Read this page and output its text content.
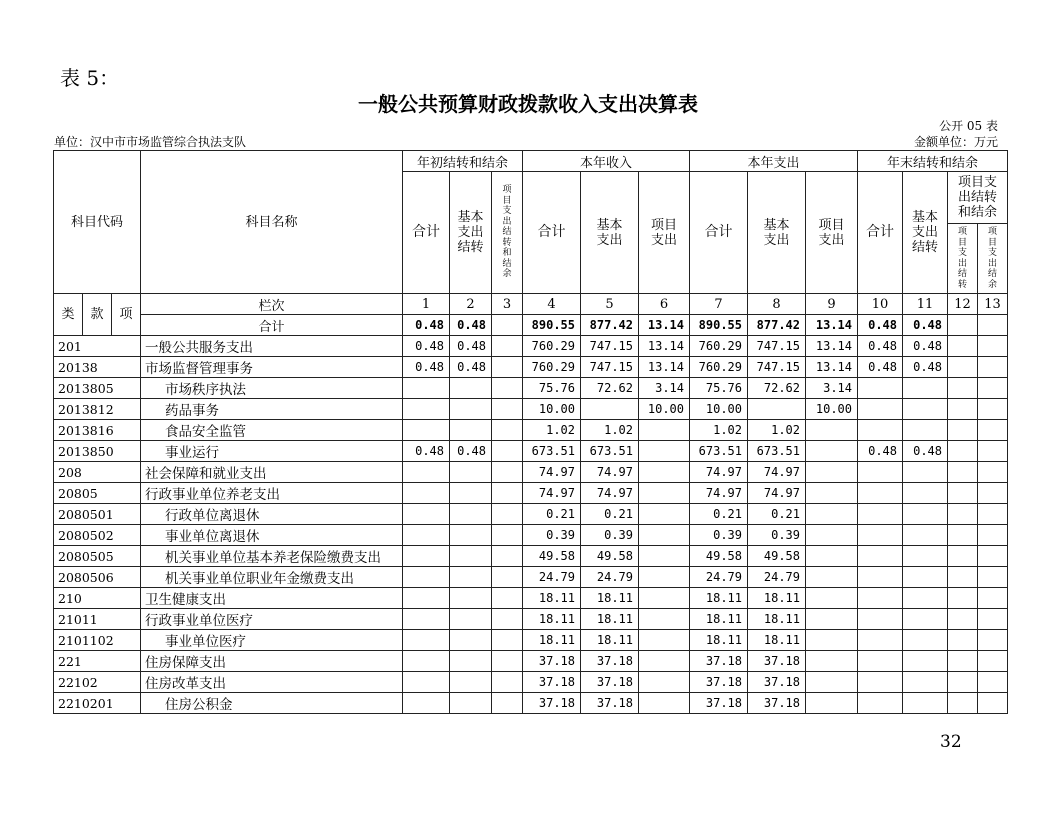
表 5：
一般公共预算财政拨款收入支出决算表
公开 05 表
单位：汉中市市场监管综合执法支队	金额单位：万元
科目代码			科目名称	年初结转和结余			本年收入			本年支出			年末结转和结余			
				合计	基本支出结转	项目支出结转和结余	合计	基本支出	项目支出	合计	基本支出	项目支出	合计	基本支出结转	项目支出结转和结余	
															项目支出结转	项目支出结余
类	款	项	栏次	1	2	3	4	5	6	7	8	9	10	11	12	13
			合计	0.48	0.48		890.55	877.42	13.14	890.55	877.42	13.14	0.48	0.48		
201			一般公共服务支出	0.48	0.48		760.29	747.15	13.14	760.29	747.15	13.14	0.48	0.48		
20138			市场监督管理事务	0.48	0.48		760.29	747.15	13.14	760.29	747.15	13.14	0.48	0.48		
2013805			市场秩序执法				75.76	72.62	3.14	75.76	72.62	3.14				
2013812			药品事务				10.00		10.00	10.00		10.00				
2013816			食品安全监管				1.02	1.02		1.02	1.02					
2013850			事业运行	0.48	0.48		673.51	673.51		673.51	673.51		0.48	0.48		
208			社会保障和就业支出				74.97	74.97		74.97	74.97					
20805			行政事业单位养老支出				74.97	74.97		74.97	74.97					
2080501			行政单位离退休				0.21	0.21		0.21	0.21					
2080502			事业单位离退休				0.39	0.39		0.39	0.39					
2080505			机关事业单位基本养老保险缴费支出				49.58	49.58		49.58	49.58					
2080506			机关事业单位职业年金缴费支出				24.79	24.79		24.79	24.79					
210			卫生健康支出				18.11	18.11		18.11	18.11					
21011			行政事业单位医疗				18.11	18.11		18.11	18.11					
2101102			事业单位医疗				18.11	18.11		18.11	18.11					
221			住房保障支出				37.18	37.18		37.18	37.18					
22102			住房改革支出				37.18	37.18		37.18	37.18					
2210201			住房公积金				37.18	37.18		37.18	37.18					
32
